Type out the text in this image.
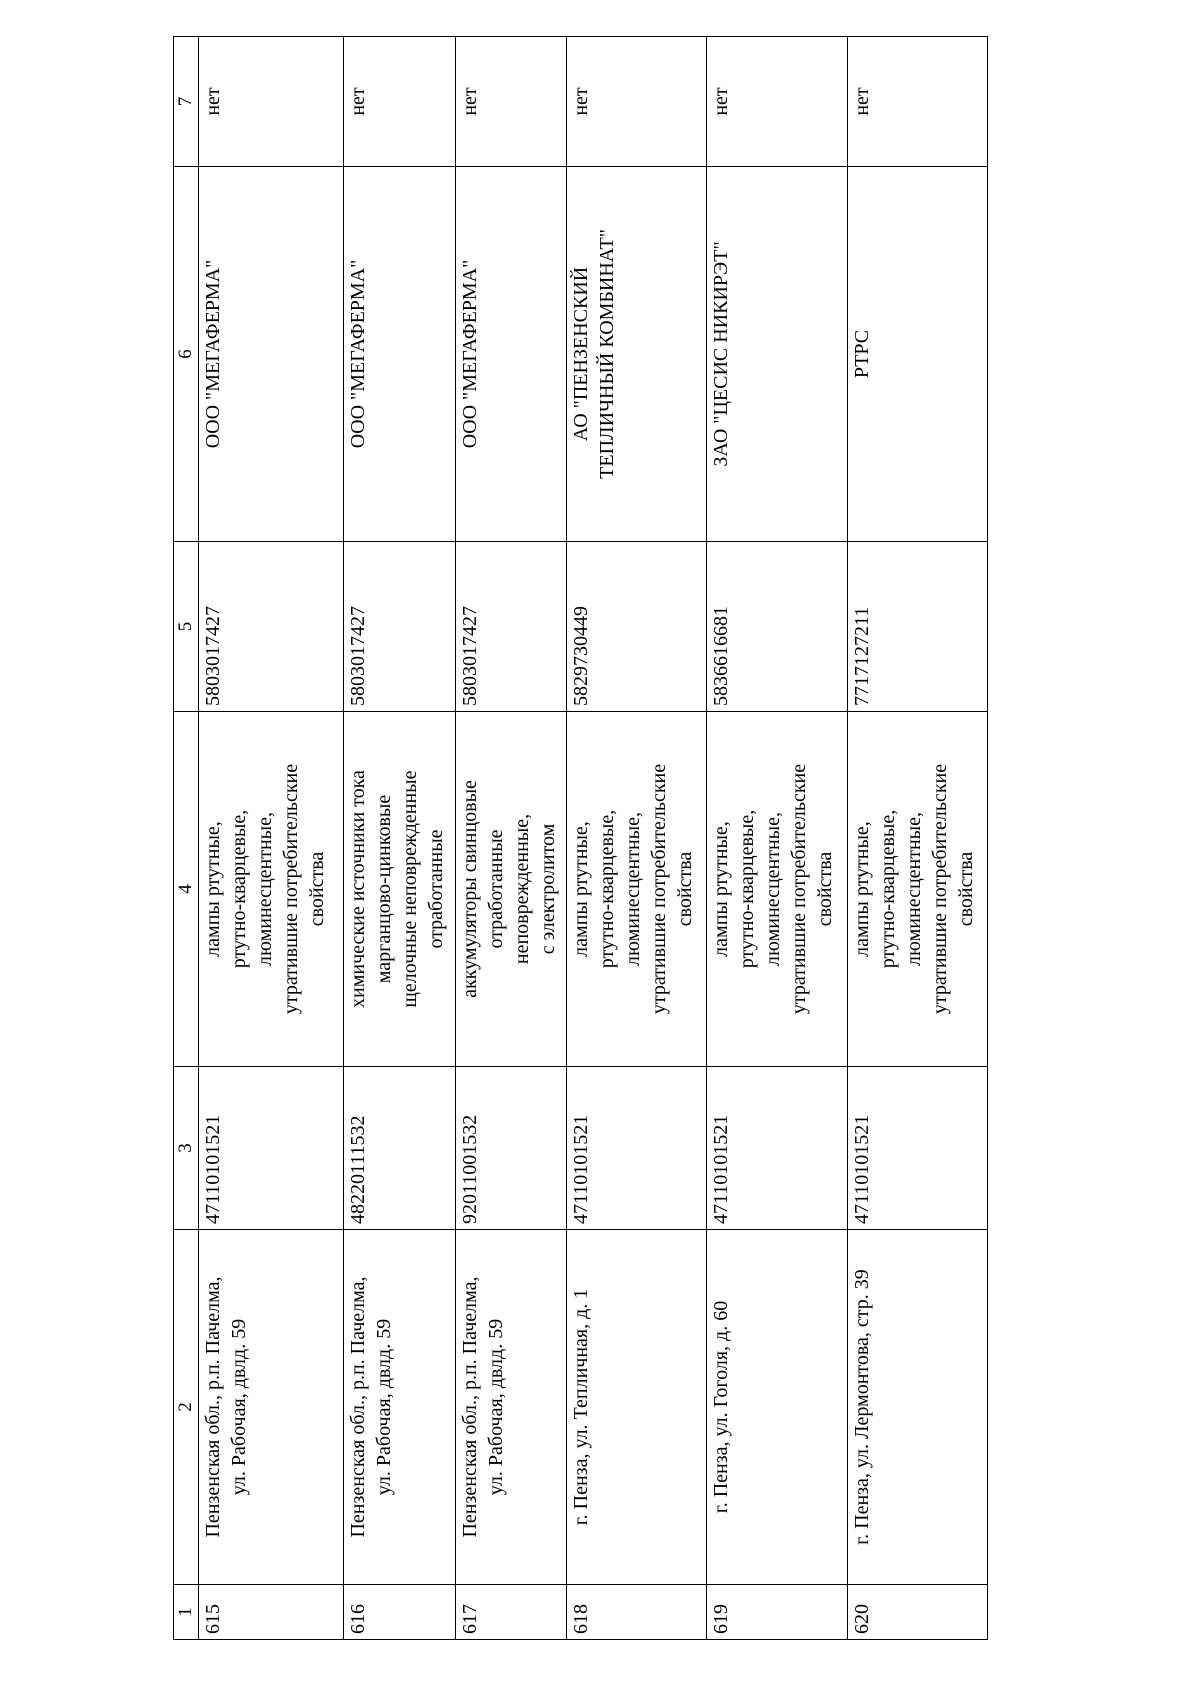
1	2	3	4	5	6	7
615	Пензенская обл., р.п. Пачелма, ул. Рабочая, двлд. 59	47110101521	лампы ртутные, ртутно-кварцевые, люминесцентные, утратившие потребительские свойства	5803017427	ООО "МЕГАФЕРМА"	нет
616	Пензенская обл., р.п. Пачелма, ул. Рабочая, двлд. 59	48220111532	химические источники тока марганцово-цинковые щелочные неповрежденные отработанные	5803017427	ООО "МЕГАФЕРМА"	нет
617	Пензенская обл., р.п. Пачелма, ул. Рабочая, двлд. 59	92011001532	аккумуляторы свинцовые отработанные неповрежденные, с электролитом	5803017427	ООО "МЕГАФЕРМА"	нет
618	г. Пенза, ул. Тепличная, д. 1	47110101521	лампы ртутные, ртутно-кварцевые, люминесцентные, утратившие потребительские свойства	5829730449	АО "ПЕНЗЕНСКИЙ ТЕПЛИЧНЫЙ КОМБИНАТ"	нет
619	г. Пенза, ул. Гоголя, д. 60	47110101521	лампы ртутные, ртутно-кварцевые, люминесцентные, утратившие потребительские свойства	5836616681	ЗАО "ЦЕСИС НИКИРЭТ"	нет
620	г. Пенза, ул. Лермонтова, стр. 39	47110101521	лампы ртутные, ртутно-кварцевые, люминесцентные, утратившие потребительские свойства	7717127211	РТРС	нет
